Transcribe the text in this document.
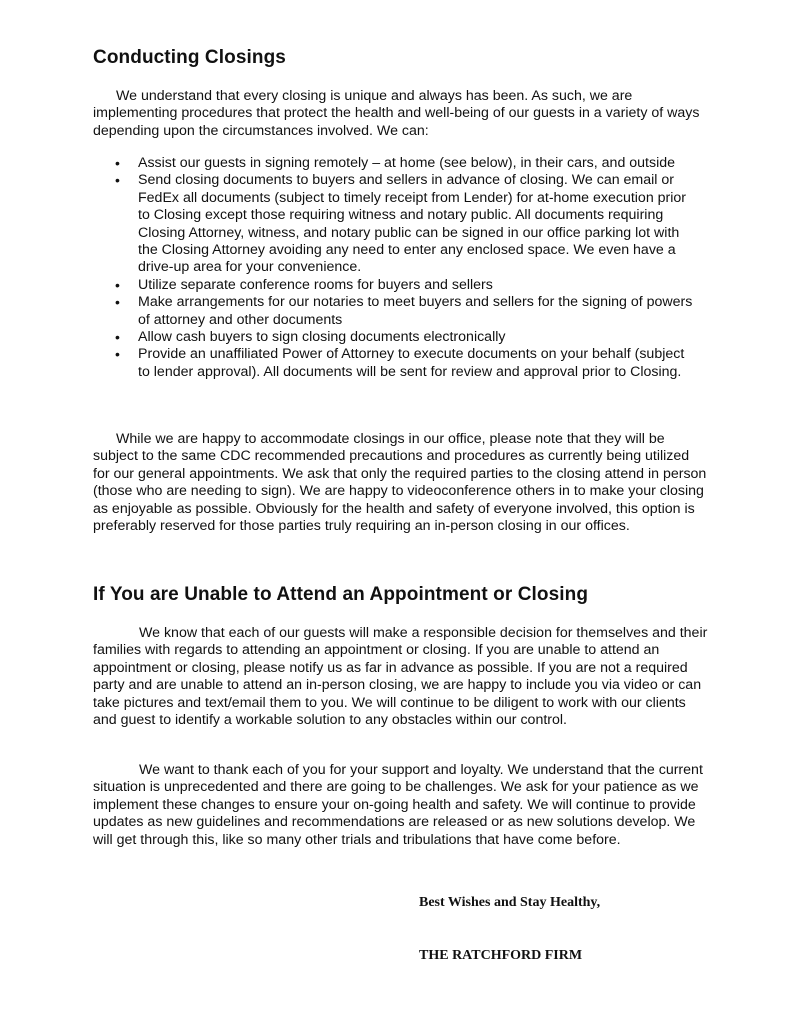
Conducting Closings

We understand that every closing is unique and always has been. As such, we are implementing procedures that protect the health and well-being of our guests in a variety of ways depending upon the circumstances involved. We can:

• Assist our guests in signing remotely – at home (see below), in their cars, and outside
• Send closing documents to buyers and sellers in advance of closing. We can email or FedEx all documents (subject to timely receipt from Lender) for at-home execution prior to Closing except those requiring witness and notary public. All documents requiring Closing Attorney, witness, and notary public can be signed in our office parking lot with the Closing Attorney avoiding any need to enter any enclosed space. We even have a drive-up area for your convenience.
• Utilize separate conference rooms for buyers and sellers
• Make arrangements for our notaries to meet buyers and sellers for the signing of powers of attorney and other documents
• Allow cash buyers to sign closing documents electronically
• Provide an unaffiliated Power of Attorney to execute documents on your behalf (subject to lender approval). All documents will be sent for review and approval prior to Closing.

While we are happy to accommodate closings in our office, please note that they will be subject to the same CDC recommended precautions and procedures as currently being utilized for our general appointments. We ask that only the required parties to the closing attend in person (those who are needing to sign). We are happy to videoconference others in to make your closing as enjoyable as possible. Obviously for the health and safety of everyone involved, this option is preferably reserved for those parties truly requiring an in-person closing in our offices.

If You are Unable to Attend an Appointment or Closing

We know that each of our guests will make a responsible decision for themselves and their families with regards to attending an appointment or closing. If you are unable to attend an appointment or closing, please notify us as far in advance as possible. If you are not a required party and are unable to attend an in-person closing, we are happy to include you via video or can take pictures and text/email them to you. We will continue to be diligent to work with our clients and guest to identify a workable solution to any obstacles within our control.

We want to thank each of you for your support and loyalty. We understand that the current situation is unprecedented and there are going to be challenges. We ask for your patience as we implement these changes to ensure your on-going health and safety. We will continue to provide updates as new guidelines and recommendations are released or as new solutions develop. We will get through this, like so many other trials and tribulations that have come before.

Best Wishes and Stay Healthy,
THE RATCHFORD FIRM
